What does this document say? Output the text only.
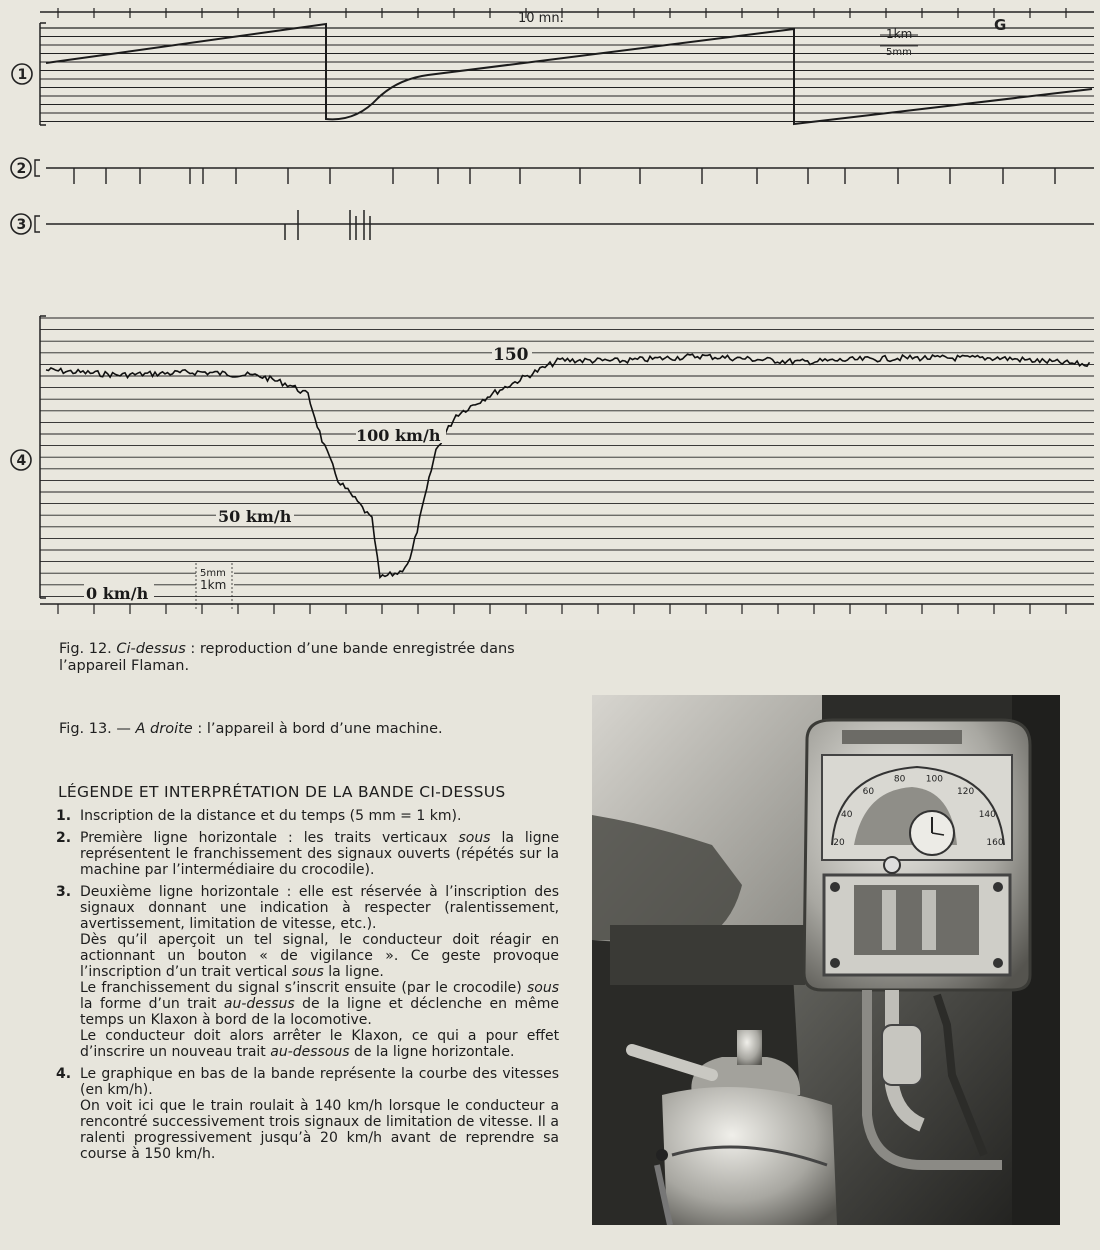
10 mn.	G
1km
5mm
150
100 km/h
50 km/h
0 km/h
5mm
1km
1
2
3
4
Fig. 12. Ci-dessus : reproduction d’une bande enregistrée dans l’appareil Flaman.
Fig. 13. — A droite : l’appareil à bord d’une machine.
LÉGENDE ET INTERPRÉTATION DE LA BANDE CI-DESSUS
1. Inscription de la distance et du temps (5 mm = 1 km).

2. Première ligne horizontale : les traits verticaux sous la ligne représentent le franchissement des signaux ouverts (répétés sur la machine par l’intermédiaire du crocodile).

3. Deuxième ligne horizontale : elle est réservée à l’inscription des signaux donnant une indication à respecter (ralentissement, avertissement, limitation de vitesse, etc.).

Dès qu’il aperçoit un tel signal, le conducteur doit réagir en actionnant un bouton « de vigilance ». Ce geste provoque l’inscription d’un trait vertical sous la ligne.

Le franchissement du signal s’inscrit ensuite (par le crocodile) sous la forme d’un trait au-dessus de la ligne et déclenche en même temps un Klaxon à bord de la locomotive.

Le conducteur doit alors arrêter le Klaxon, ce qui a pour effet d’inscrire un nouveau trait au-dessous de la ligne horizontale.

4. Le graphique en bas de la bande représente la courbe des vitesses (en km/h).

On voit ici que le train roulait à 140 km/h lorsque le conducteur a rencontré successivement trois signaux de limitation de vitesse. Il a ralenti progressivement jusqu’à 20 km/h avant de reprendre sa course à 150 km/h.

20
40
60
80 100
120
140
160
